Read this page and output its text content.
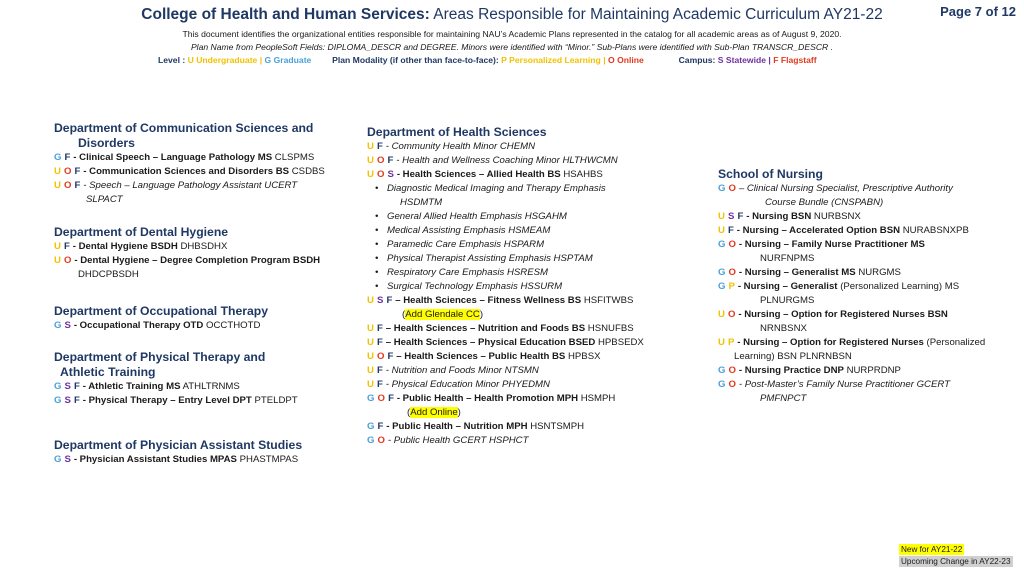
College of Health and Human Services: Areas Responsible for Maintaining Academic Curriculum AY21-22	Page 7 of 12
This document identifies the organizational entities responsible for maintaining NAU’s Academic Plans represented in the catalog for all academic areas as of August 9, 2020.
Plan Name from PeopleSoft Fields: DIPLOMA_DESCR and DEGREE. Minors were identified with “Minor.” Sub-Plans were identified with Sub-Plan TRANSCR_DESCR .
Level : U Undergraduate | G Graduate Plan Modality (if other than face-to-face): P Personalized Learning | O Online	Campus: S Statewide | F Flagstaff
Department of Communication Sciences and
Disorders
G F - Clinical Speech – Language Pathology MS CLSPMS
U O F - Communication Sciences and Disorders BS CSDBS
U O F - Speech – Language Pathology Assistant UCERT
SLPACT
Department of Dental Hygiene
U F - Dental Hygiene BSDH DHBSDHX
U O - Dental Hygiene – Degree Completion Program BSDH
DHDCPBSDH
Department of Occupational Therapy
G S - Occupational Therapy OTD OCCTHOTD
Department of Physical Therapy and
Athletic Training
G S F - Athletic Training MS ATHLTRNMS
G S F - Physical Therapy – Entry Level DPT PTELDPT
Department of Physician Assistant Studies
G S - Physician Assistant Studies MPAS PHASTMPAS
Department of Health Sciences
U F - Community Health Minor CHEMN
U O F - Health and Wellness Coaching Minor HLTHWCMN
U O S - Health Sciences – Allied Health BS HSAHBS
• Diagnostic Medical Imaging and Therapy Emphasis
HSDMTM
• General Allied Health Emphasis HSGAHM
• Medical Assisting Emphasis HSMEAM
• Paramedic Care Emphasis HSPARM
• Physical Therapist Assisting Emphasis HSPTAM
• Respiratory Care Emphasis HSRESM
• Surgical Technology Emphasis HSSURM
U S F – Health Sciences – Fitness Wellness BS HSFITWBS
(Add Glendale CC)
U F – Health Sciences – Nutrition and Foods BS HSNUFBS
U F – Health Sciences – Physical Education BSED HPBSEDX
U O F – Health Sciences – Public Health BS HPBSX
U F - Nutrition and Foods Minor NTSMN
U F - Physical Education Minor PHYEDMN
G O F - Public Health – Health Promotion MPH HSMPH
(Add Online)
G F - Public Health – Nutrition MPH HSNTSMPH
G O - Public Health GCERT HSPHCT
School of Nursing
G O – Clinical Nursing Specialist, Prescriptive Authority
Course Bundle (CNSPABN)
U S F - Nursing BSN NURBSNX
U F - Nursing – Accelerated Option BSN NURABSNXPB
G O - Nursing – Family Nurse Practitioner MS
NURFNPMS
G O - Nursing – Generalist MS NURGMS
G P - Nursing – Generalist (Personalized Learning) MS
PLNURGMS
U O - Nursing – Option for Registered Nurses BSN
NRNBSNX
U P - Nursing – Option for Registered Nurses (Personalized
Learning) BSN PLNRNBSN
G O - Nursing Practice DNP NURPRDNP
G O - Post-Master’s Family Nurse Practitioner GCERT
PMFNPCT
New for AY21-22
Upcoming Change in AY22-23
